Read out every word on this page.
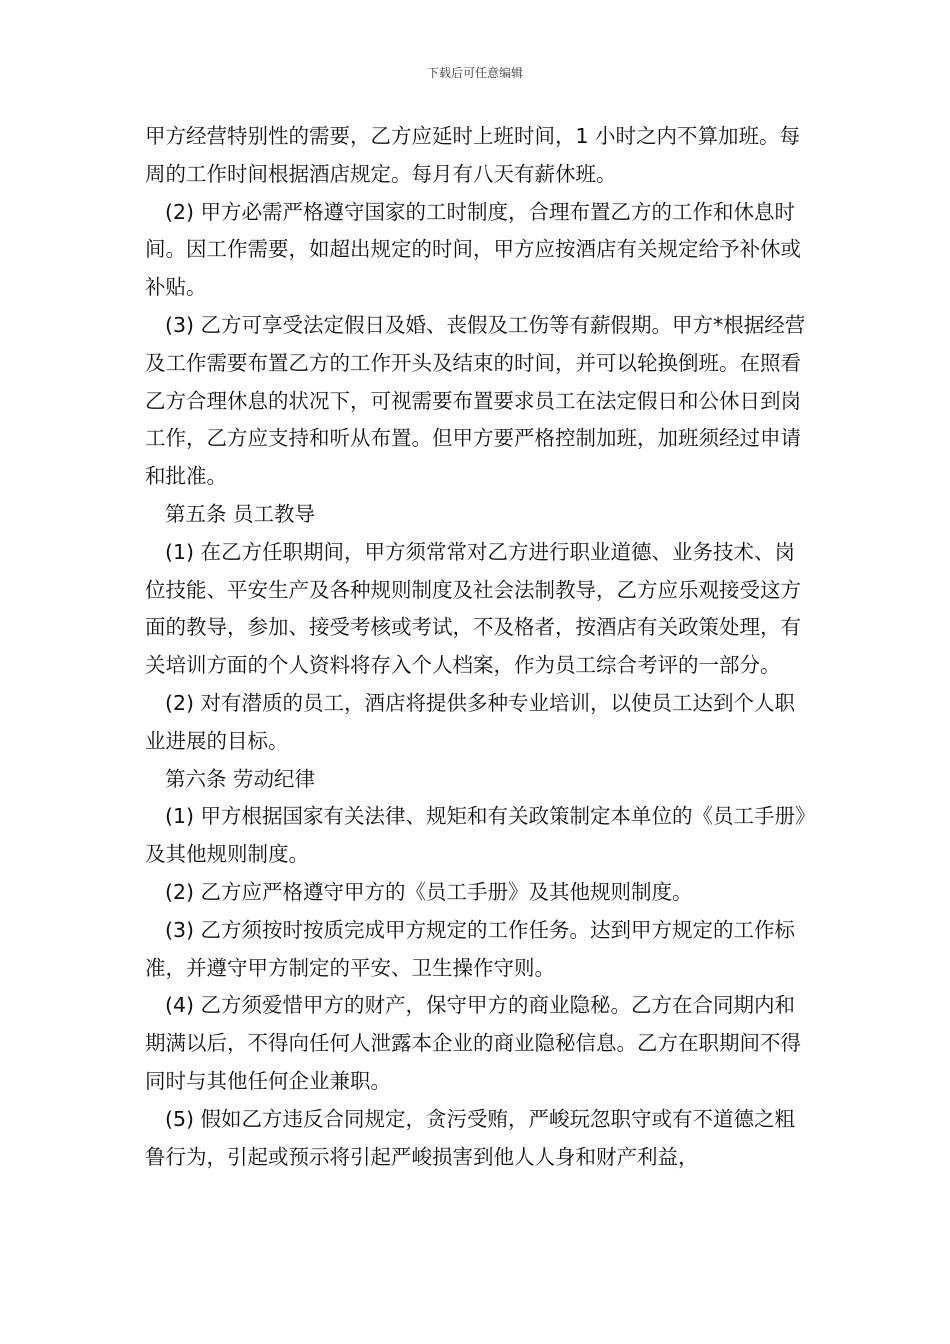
下载后可任意编辑

甲方经营特别性的需要，乙方应延时上班时间，1 小时之内不算加班。每周的工作时间根据酒店规定。每月有八天有薪休班。

(2) 甲方必需严格遵守国家的工时制度，合理布置乙方的工作和休息时间。因工作需要，如超出规定的时间，甲方应按酒店有关规定给予补休或补贴。

(3) 乙方可享受法定假日及婚、丧假及工伤等有薪假期。甲方*根据经营及工作需要布置乙方的工作开头及结束的时间，并可以轮换倒班。在照看乙方合理休息的状况下，可视需要布置要求员工在法定假日和公休日到岗工作，乙方应支持和听从布置。但甲方要严格控制加班，加班须经过申请和批准。

第五条 员工教导

(1) 在乙方任职期间，甲方须常常对乙方进行职业道德、业务技术、岗位技能、平安生产及各种规则制度及社会法制教导，乙方应乐观接受这方面的教导，参加、接受考核或考试，不及格者，按酒店有关政策处理，有关培训方面的个人资料将存入个人档案，作为员工综合考评的一部分。

(2) 对有潜质的员工，酒店将提供多种专业培训，以使员工达到个人职业进展的目标。

第六条 劳动纪律

(1) 甲方根据国家有关法律、规矩和有关政策制定本单位的《员工手册》及其他规则制度。

(2) 乙方应严格遵守甲方的《员工手册》及其他规则制度。

(3) 乙方须按时按质完成甲方规定的工作任务。达到甲方规定的工作标准，并遵守甲方制定的平安、卫生操作守则。

(4) 乙方须爱惜甲方的财产，保守甲方的商业隐秘。乙方在合同期内和期满以后，不得向任何人泄露本企业的商业隐秘信息。乙方在职期间不得同时与其他任何企业兼职。

(5) 假如乙方违反合同规定，贪污受贿，严峻玩忽职守或有不道德之粗鲁行为，引起或预示将引起严峻损害到他人人身和财产利益，
